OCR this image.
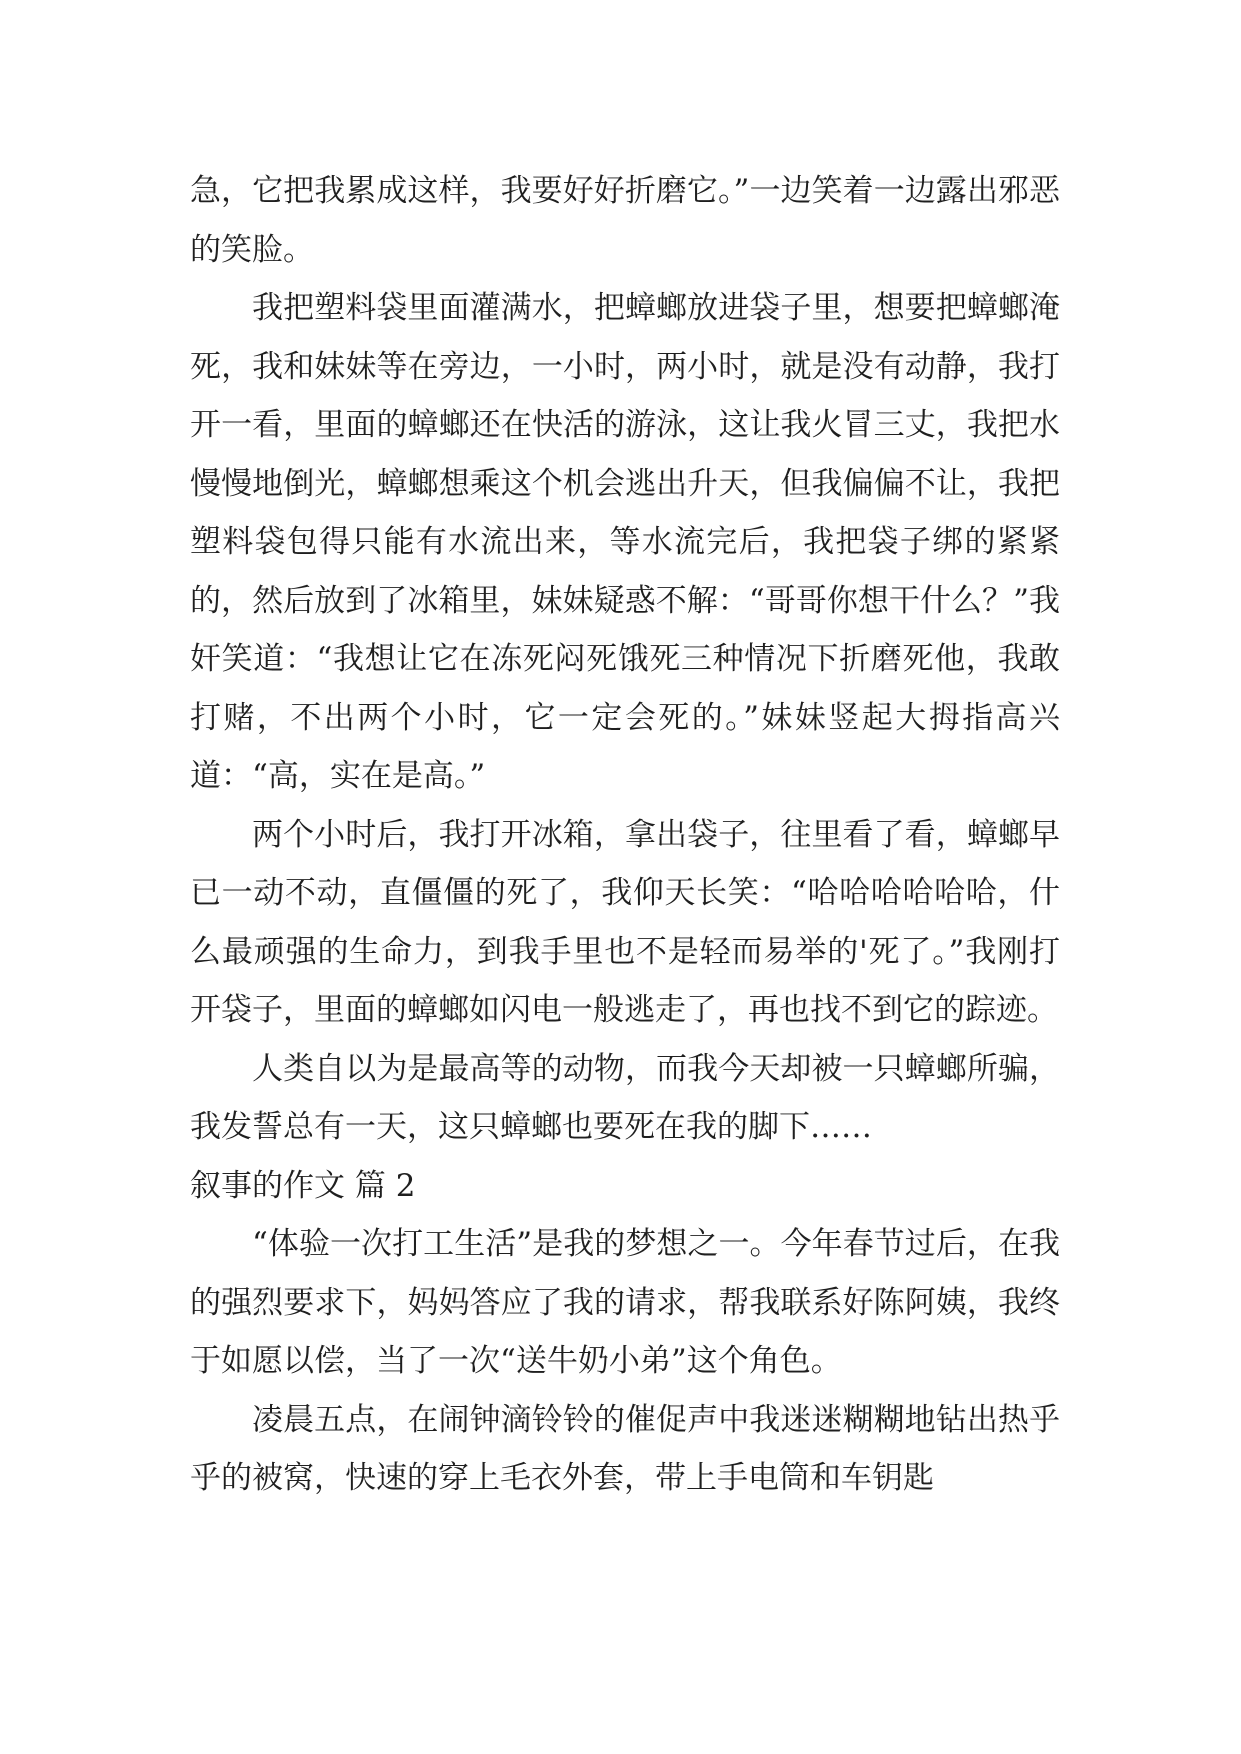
急，它把我累成这样，我要好好折磨它。”一边笑着一边露出邪恶的笑脸。

我把塑料袋里面灌满水，把蟑螂放进袋子里，想要把蟑螂淹死，我和妹妹等在旁边，一小时，两小时，就是没有动静，我打开一看，里面的蟑螂还在快活的游泳，这让我火冒三丈，我把水慢慢地倒光，蟑螂想乘这个机会逃出升天，但我偏偏不让，我把塑料袋包得只能有水流出来，等水流完后，我把袋子绑的紧紧的，然后放到了冰箱里，妹妹疑惑不解：“哥哥你想干什么？”我奸笑道：“我想让它在冻死闷死饿死三种情况下折磨死他，我敢打赌，不出两个小时，它一定会死的。”妹妹竖起大拇指高兴道：“高，实在是高。”

两个小时后，我打开冰箱，拿出袋子，往里看了看，蟑螂早已一动不动，直僵僵的死了，我仰天长笑：“哈哈哈哈哈哈，什么最顽强的生命力，到我手里也不是轻而易举的'死了。”我刚打开袋子，里面的蟑螂如闪电一般逃走了，再也找不到它的踪迹。

人类自以为是最高等的动物，而我今天却被一只蟑螂所骗，我发誓总有一天，这只蟑螂也要死在我的脚下……

叙事的作文 篇 2

“体验一次打工生活”是我的梦想之一。今年春节过后，在我的强烈要求下，妈妈答应了我的请求，帮我联系好陈阿姨，我终于如愿以偿，当了一次“送牛奶小弟”这个角色。

凌晨五点，在闹钟滴铃铃的催促声中我迷迷糊糊地钻出热乎乎的被窝，快速的穿上毛衣外套，带上手电筒和车钥匙
